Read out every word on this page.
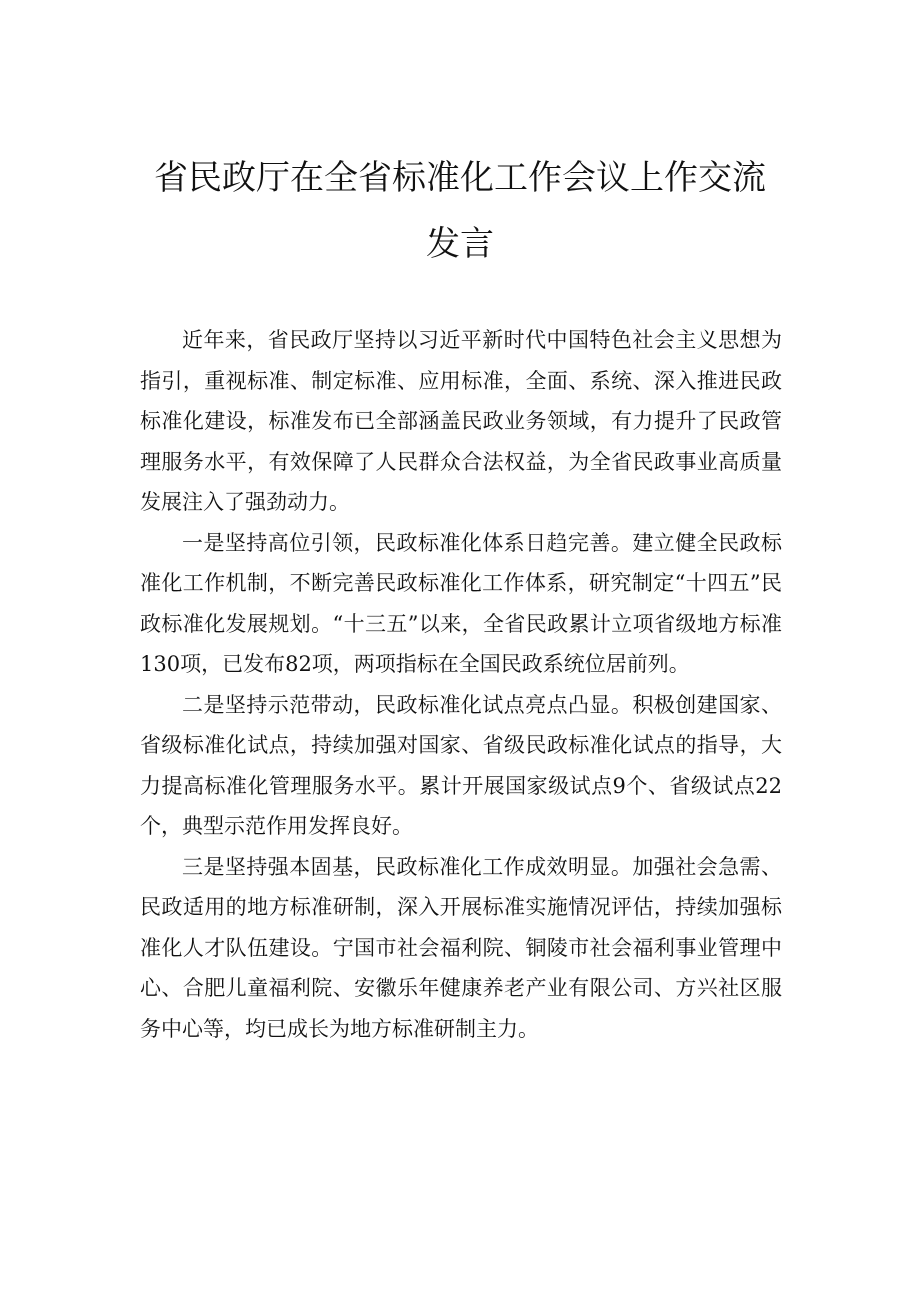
省民政厅在全省标准化工作会议上作交流
发言

近年来，省民政厅坚持以习近平新时代中国特色社会主义思想为指引，重视标准、制定标准、应用标准，全面、系统、深入推进民政标准化建设，标准发布已全部涵盖民政业务领域，有力提升了民政管理服务水平，有效保障了人民群众合法权益，为全省民政事业高质量发展注入了强劲动力。

一是坚持高位引领，民政标准化体系日趋完善。建立健全民政标准化工作机制，不断完善民政标准化工作体系，研究制定“十四五”民政标准化发展规划。“十三五”以来，全省民政累计立项省级地方标准130项，已发布82项，两项指标在全国民政系统位居前列。

二是坚持示范带动，民政标准化试点亮点凸显。积极创建国家、省级标准化试点，持续加强对国家、省级民政标准化试点的指导，大力提高标准化管理服务水平。累计开展国家级试点9个、省级试点22个，典型示范作用发挥良好。

三是坚持强本固基，民政标准化工作成效明显。加强社会急需、民政适用的地方标准研制，深入开展标准实施情况评估，持续加强标准化人才队伍建设。宁国市社会福利院、铜陵市社会福利事业管理中心、合肥儿童福利院、安徽乐年健康养老产业有限公司、方兴社区服务中心等，均已成长为地方标准研制主力。
